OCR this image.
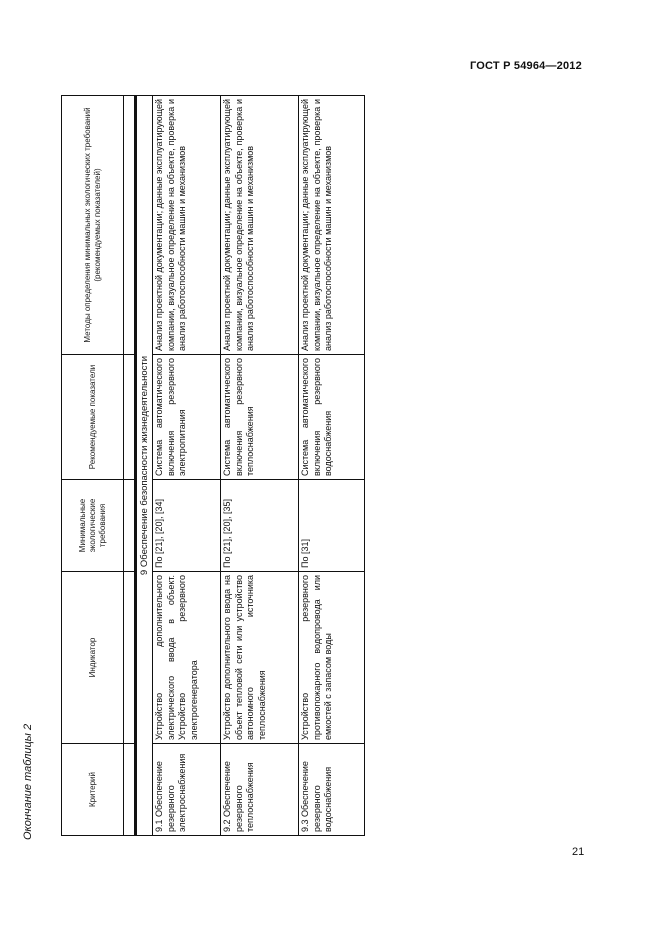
ГОСТ Р 54964—2012
Окончание таблицы 2	Критерий	Индикатор	Минимальные экологические требования	Рекомендуемые показатели	Методы определения минимальных экологических требований (рекомендуемых показателей)

9 Обеспечение безопасности жизнедеятельности				
9.1 Обеспечение резервного электроснабжения	Устройство дополнительного электрического ввода в объект. Устройство резервного электрогенератора	По [21], [20], [34]	Система автоматического включения резервного электропитания	Анализ проектной документации; данные эксплуатирующей компании, визуальное определение на объекте, проверка и анализ работоспособности машин и механизмов
9.2 Обеспечение резервного теплоснабжения	Устройство дополнительного ввода на объект тепловой сети или устройство автономного источника теплоснабжения	По [21], [20], [35]	Система автоматического включения резервного теплоснабжения	Анализ проектной документации; данные эксплуатирующей компании, визуальное определение на объекте, проверка и анализ работоспособности машин и механизмов
9.3 Обеспечение резервного водоснабжения	Устройство резервного противопожарного водопровода или емкостей с запасом воды	По [31]	Система автоматического включения резервного водоснабжения	Анализ проектной документации; данные эксплуатирующей компании, визуальное определение на объекте, проверка и анализ работоспособности машин и механизмов
21
